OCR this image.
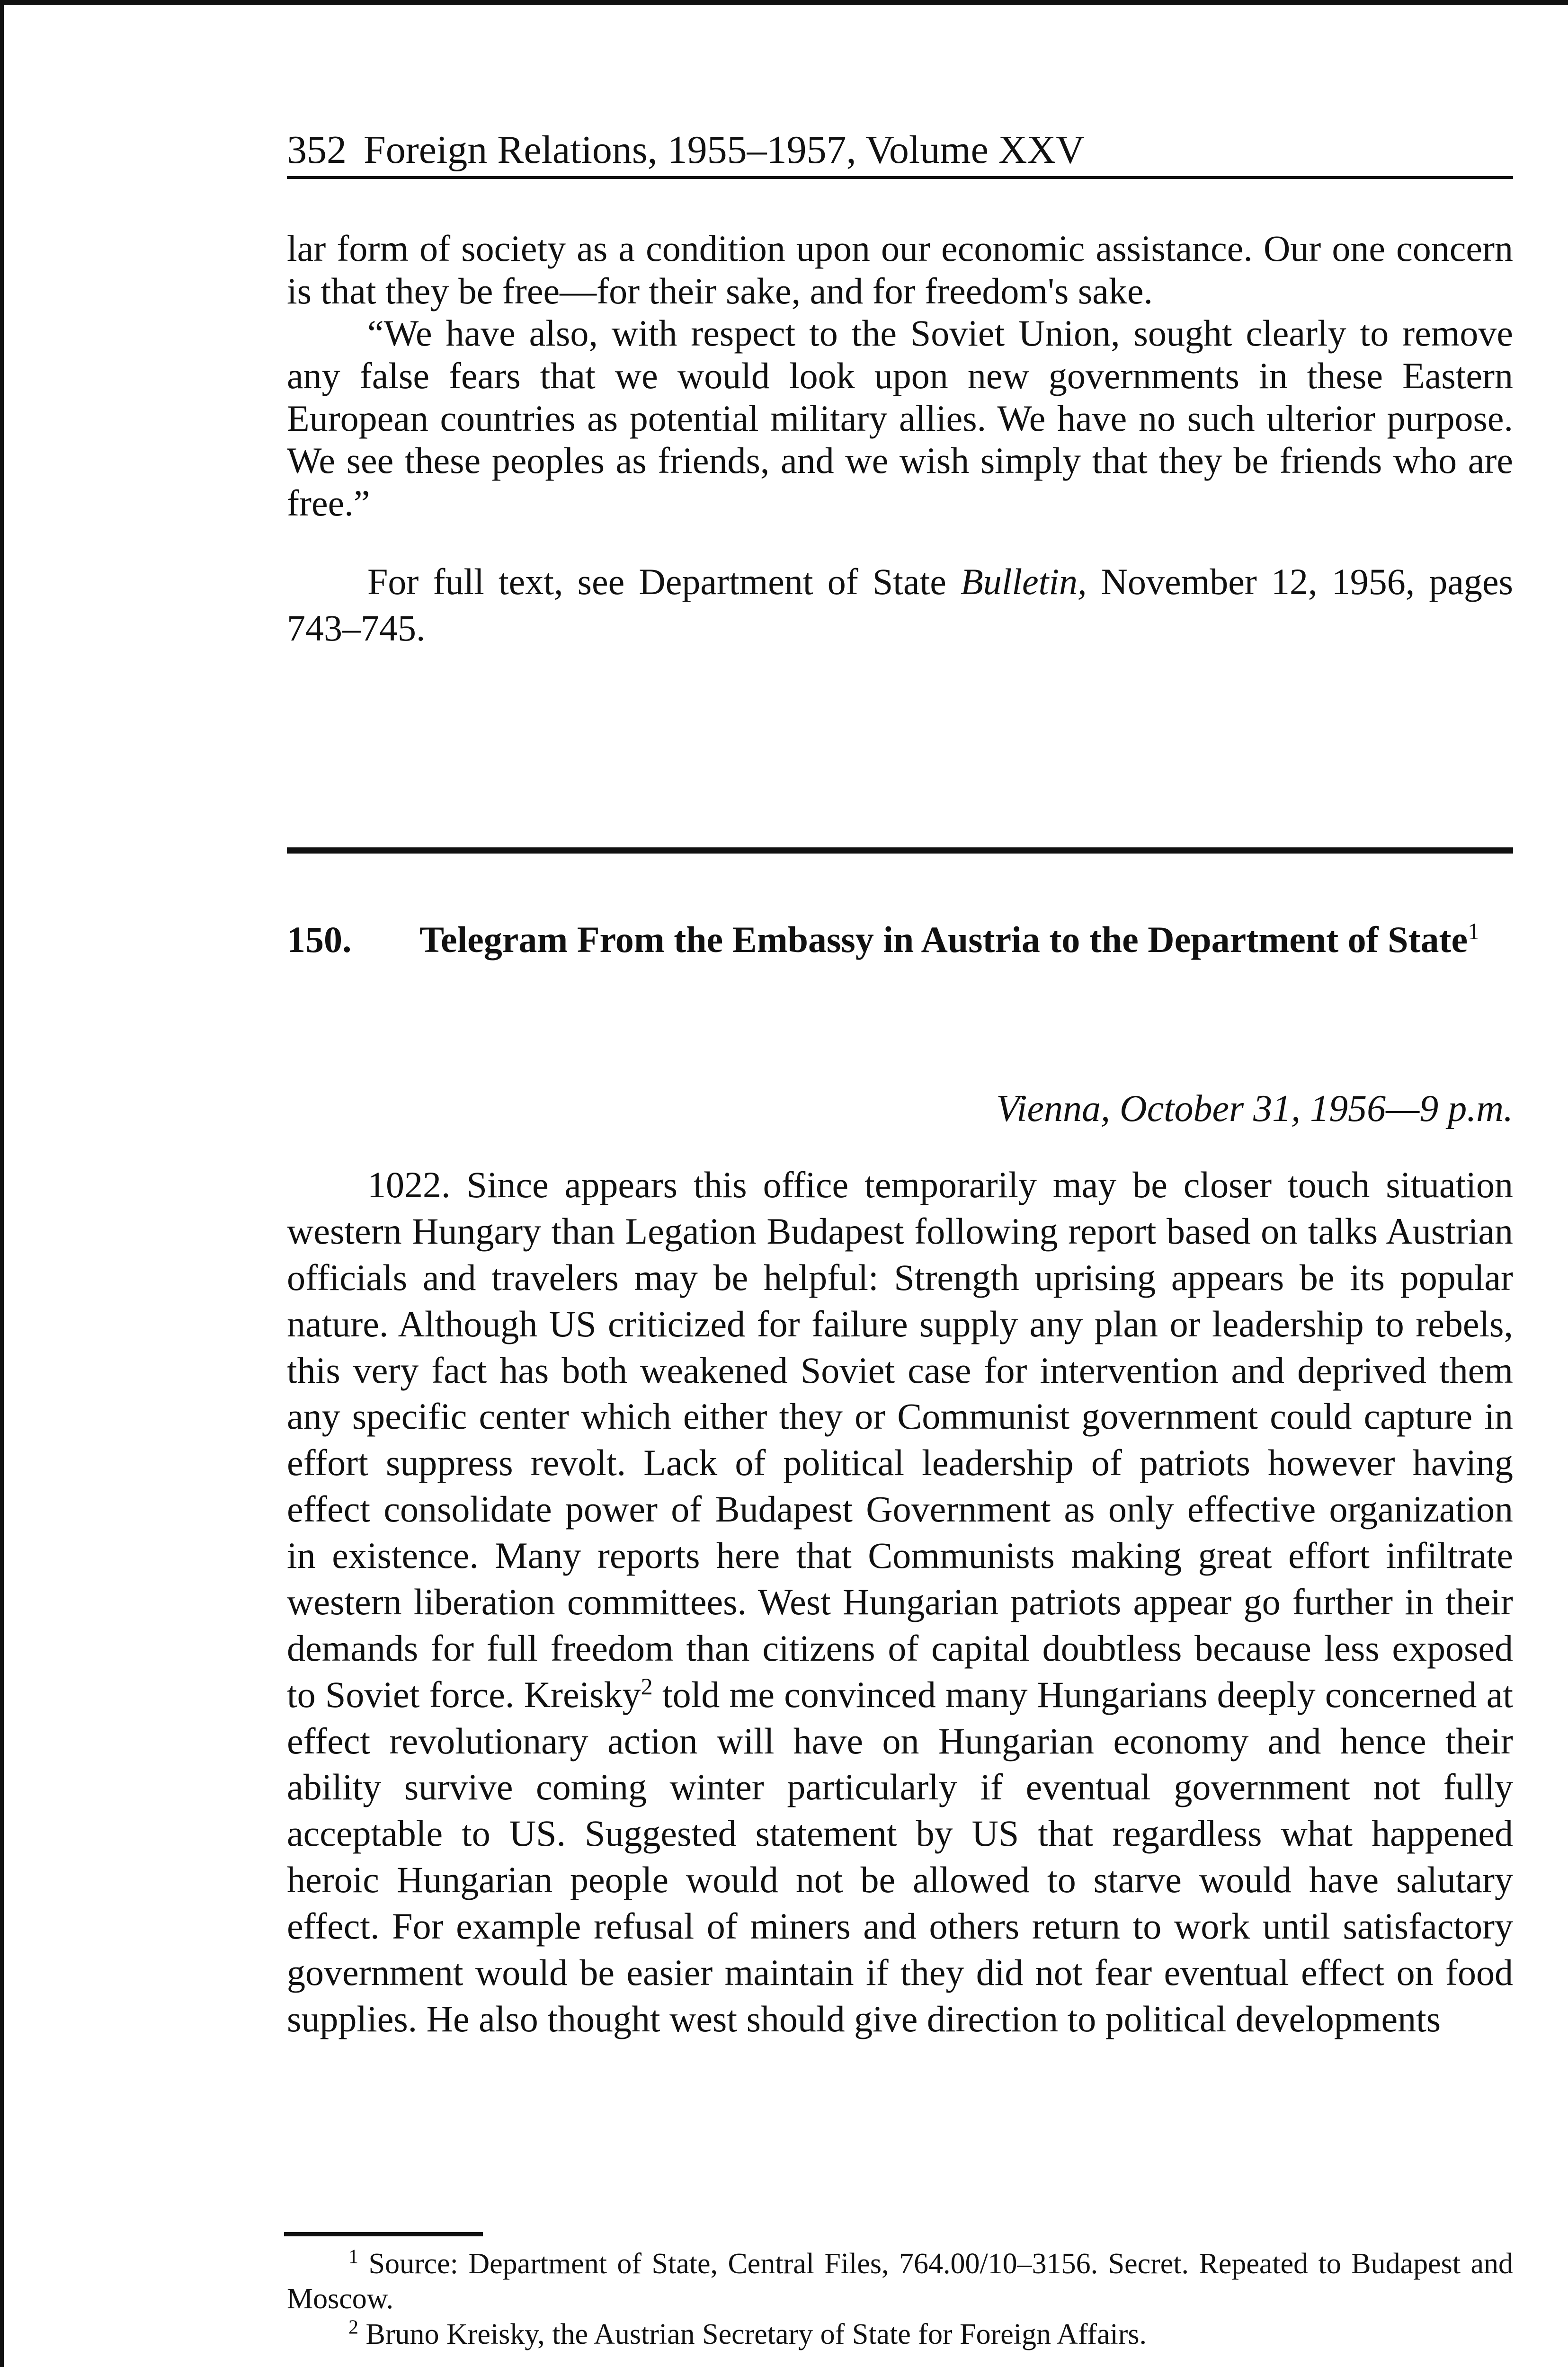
352 Foreign Relations, 1955–1957, Volume XXV

lar form of society as a condition upon our economic assistance. Our one concern is that they be free—for their sake, and for freedom's sake.

“We have also, with respect to the Soviet Union, sought clearly to remove any false fears that we would look upon new governments in these Eastern European countries as potential military allies. We have no such ulterior purpose. We see these peoples as friends, and we wish simply that they be friends who are free.”

For full text, see Department of State Bulletin, November 12, 1956, pages 743–745.

150. Telegram From the Embassy in Austria to the Department of State$^1$
Vienna, October 31, 1956—9 p.m.

1022. Since appears this office temporarily may be closer touch situation western Hungary than Legation Budapest following report based on talks Austrian officials and travelers may be helpful: Strength uprising appears be its popular nature. Although US criticized for failure supply any plan or leadership to rebels, this very fact has both weakened Soviet case for intervention and deprived them any specific center which either they or Communist government could capture in effort suppress revolt. Lack of political leadership of patriots however having effect consolidate power of Budapest Government as only effective organization in existence. Many reports here that Communists making great effort infiltrate western liberation committees. West Hungarian patriots appear go further in their demands for full freedom than citizens of capital doubtless because less exposed to Soviet force. Kreisky$^2$ told me convinced many Hungarians deeply concerned at effect revolutionary action will have on Hungarian economy and hence their ability survive coming winter particularly if eventual government not fully acceptable to US. Suggested statement by US that regardless what happened heroic Hungarian people would not be allowed to starve would have salutary effect. For example refusal of miners and others return to work until satisfactory government would be easier maintain if they did not fear eventual effect on food supplies. He also thought west should give direction to political developments

$^1$ Source: Department of State, Central Files, 764.00/10–3156. Secret. Repeated to Budapest and Moscow.

$^2$ Bruno Kreisky, the Austrian Secretary of State for Foreign Affairs.
